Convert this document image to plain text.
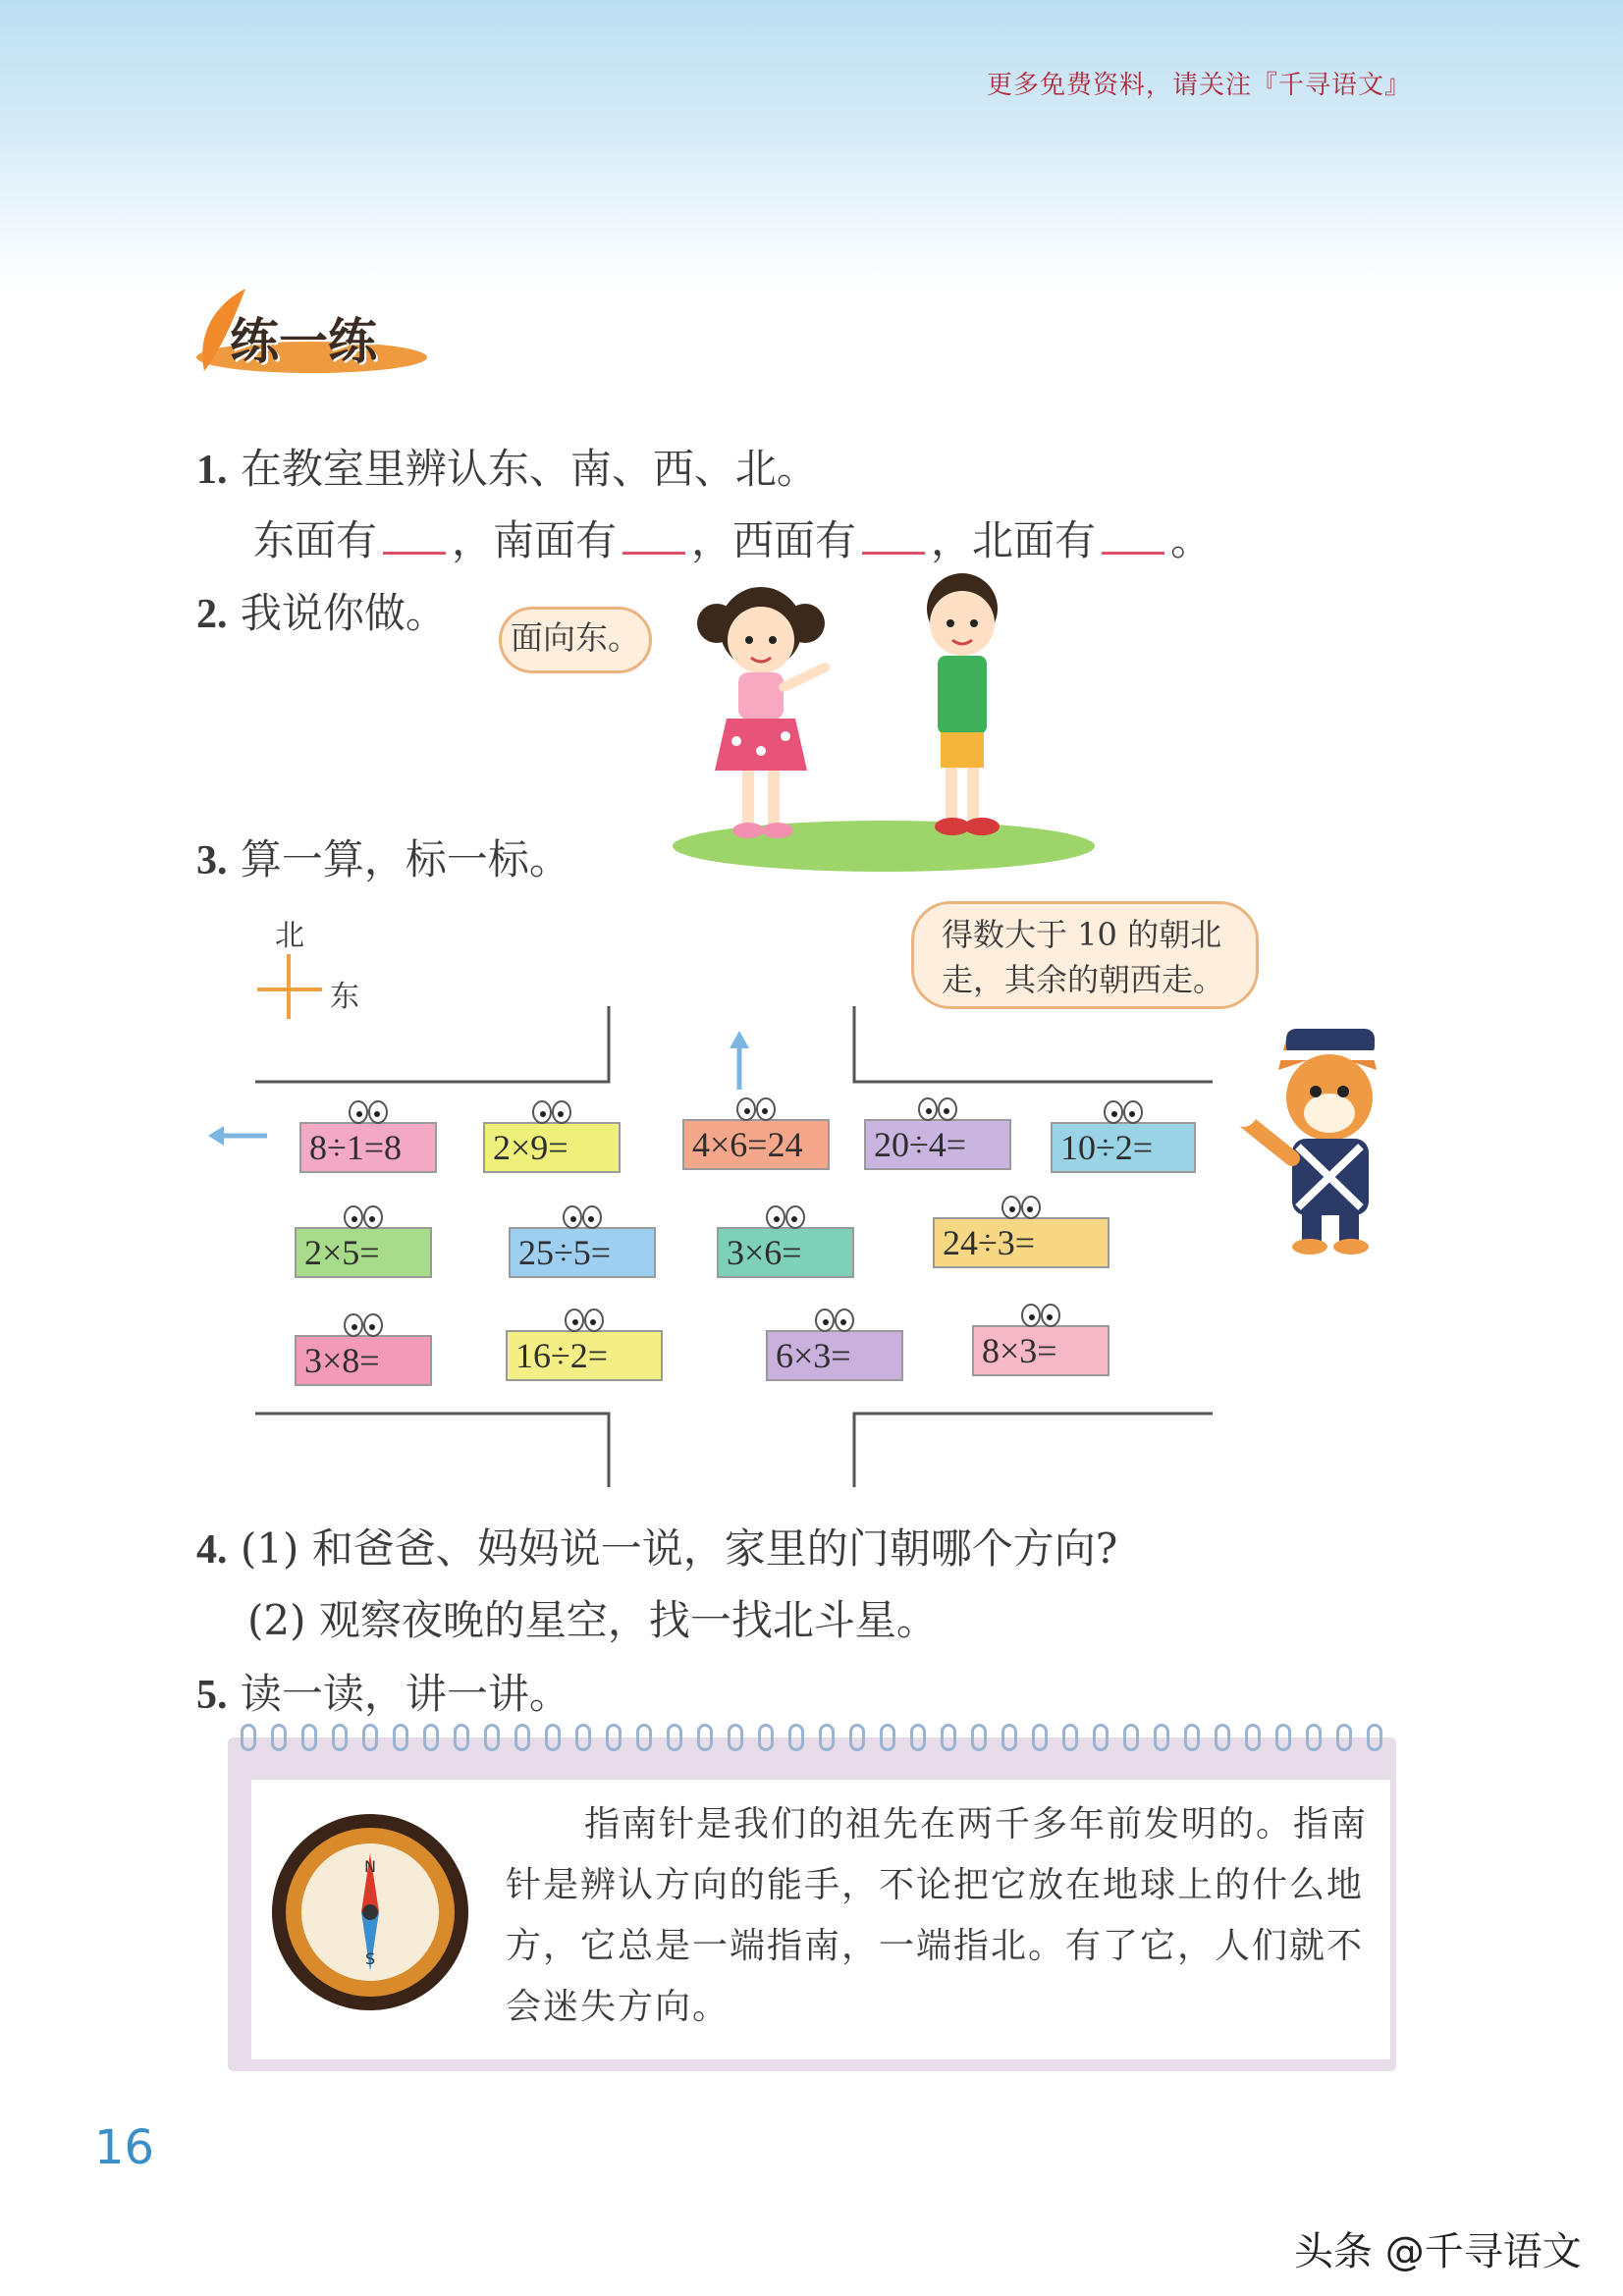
更多免费资料，请关注『千寻语文』
练一练
1. 在教室里辨认东、南、西、北。
东面有 ，南面有 ，西面有 ，北面有 。
2. 我说你做。
面向东。
3. 算一算，标一标。
北
东
得数大于 10 的朝北
走，其余的朝西走。
8÷1=8	2×9=	4×6=24	20÷4=	10÷2=
2×5=	25÷5=	3×6=	24÷3=
3×8=	16÷2=	6×3=	8×3=
4. (1) 和爸爸、妈妈说一说，家里的门朝哪个方向?
(2) 观察夜晚的星空，找一找北斗星。
5. 读一读，讲一讲。
N
S
指南针是我们的祖先在两千多年前发明的。指南针是辨认方向的能手，不论把它放在地球上的什么地方，它总是一端指南，一端指北。有了它，人们就不会迷失方向。
16
头条 @千寻语文
